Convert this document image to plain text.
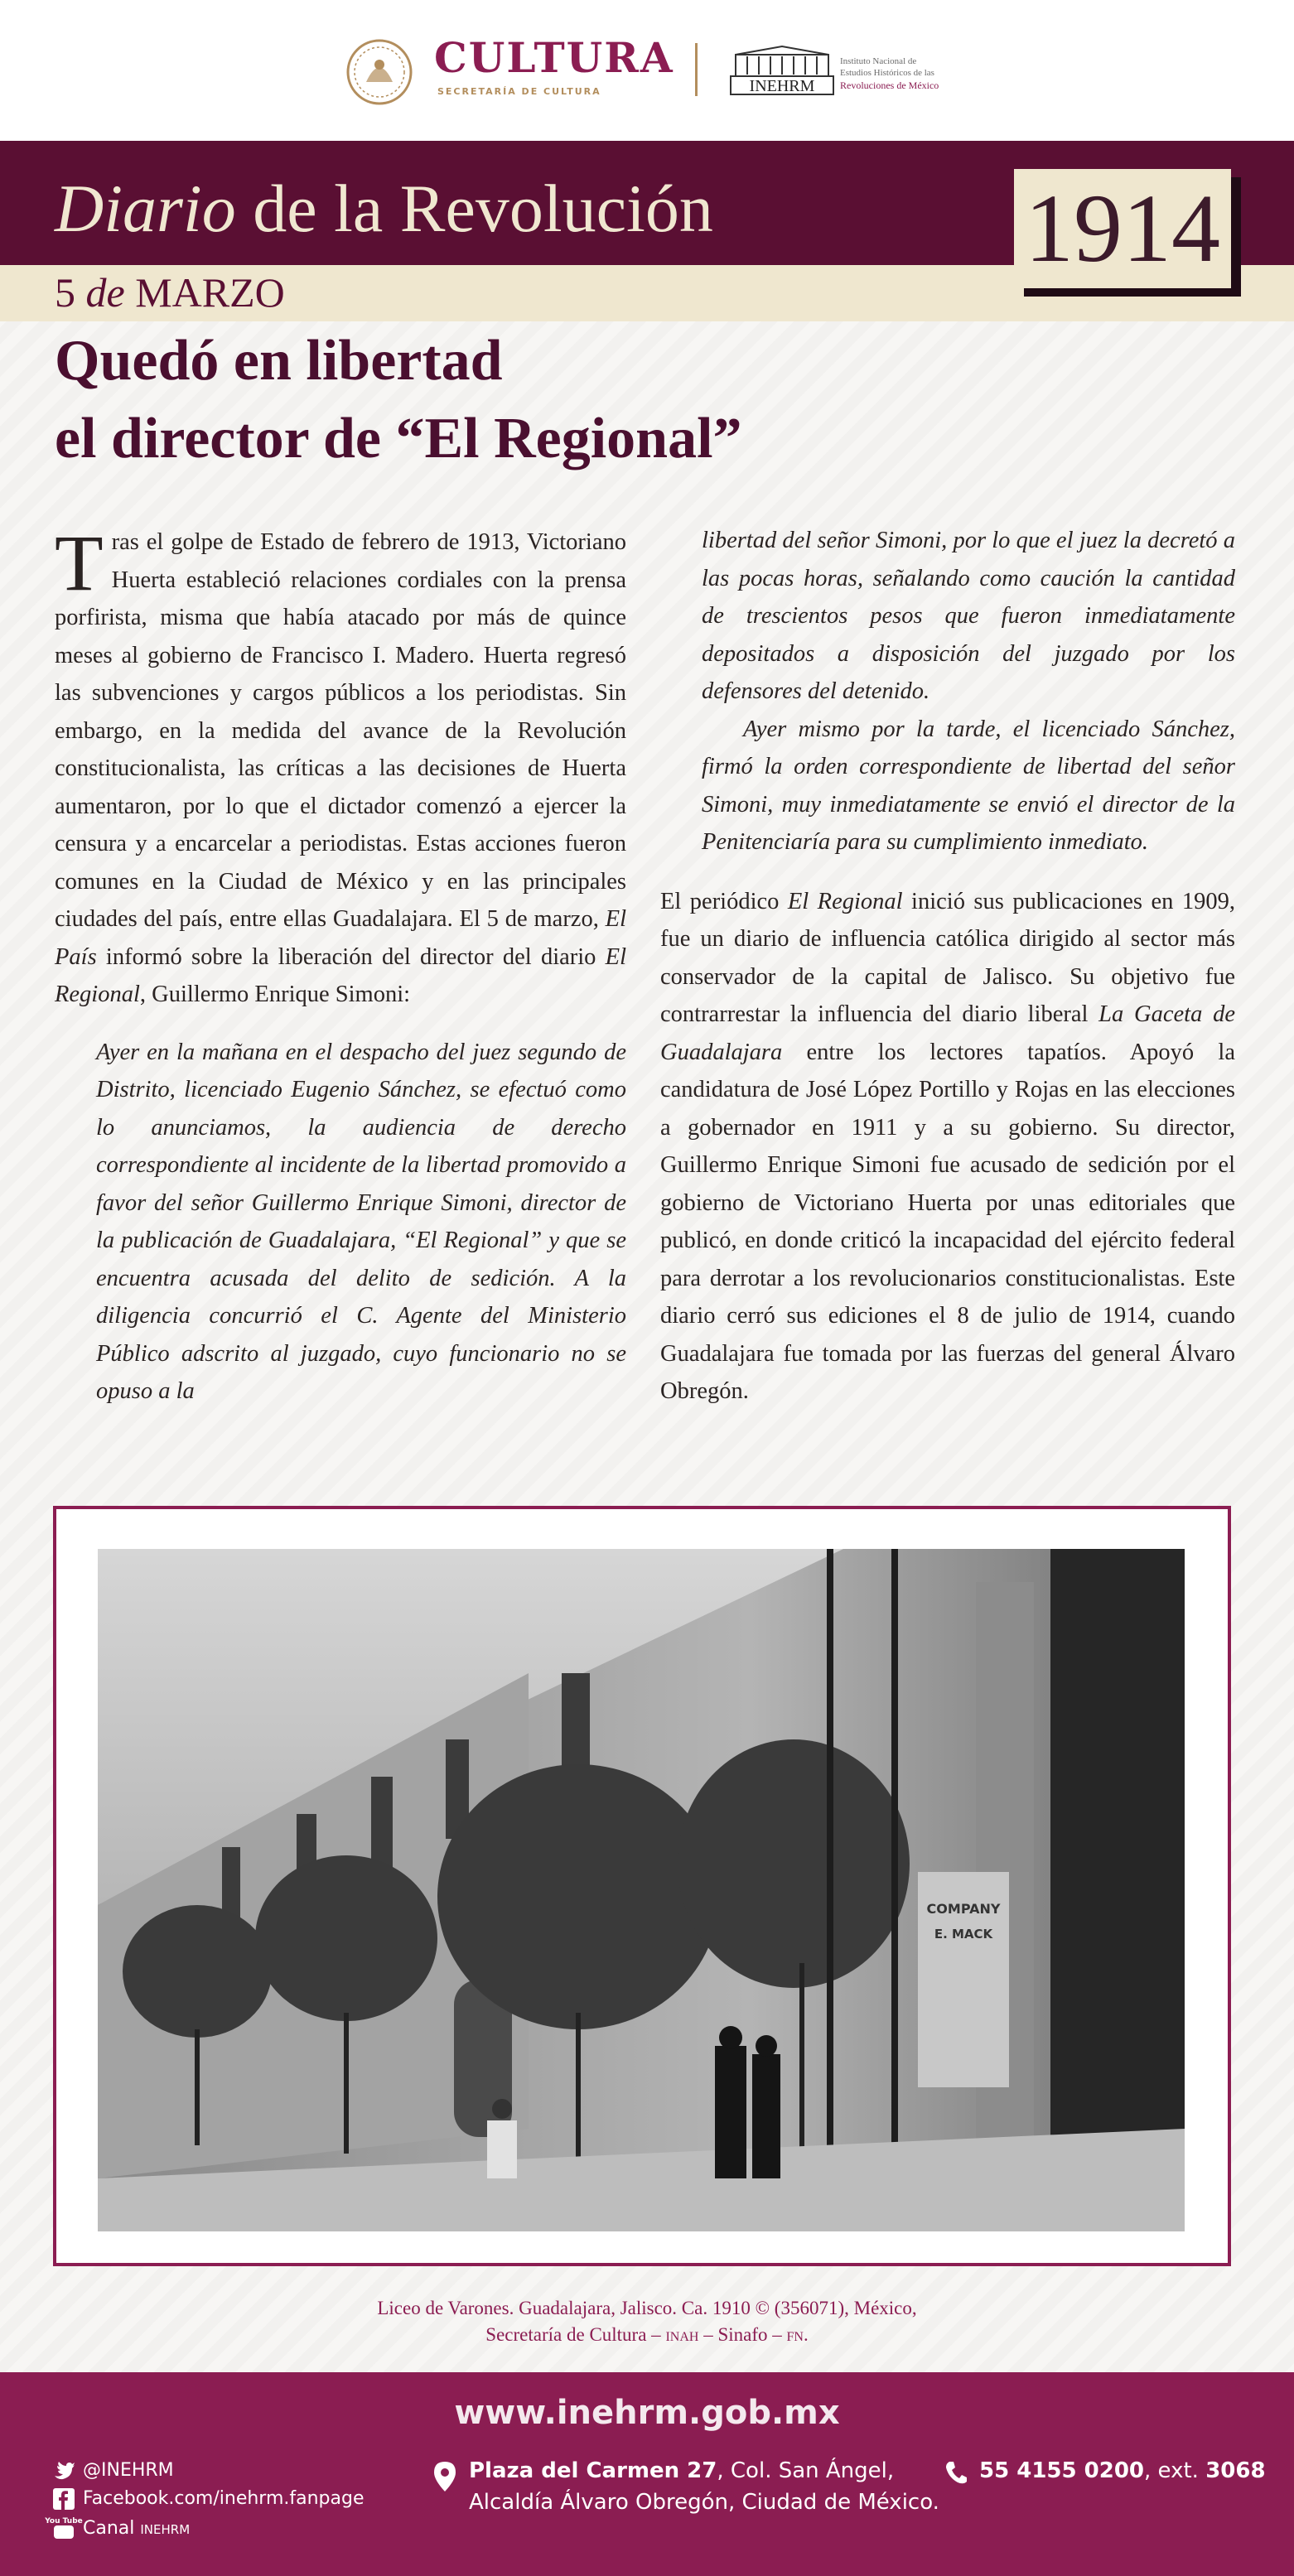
CULTURA
SECRETARÍA DE CULTURA	INEHRM
Instituto Nacional de
Estudios Históricos de las
Revoluciones de México
Diario de la Revolución
5 de MARZO
1914
Quedó en libertad
el director de “El Regional”

Tras el golpe de Estado de febrero de 1913, Victoriano Huerta estableció relaciones cordiales con la prensa porfirista, misma que había atacado por más de quince meses al gobierno de Francisco I. Madero. Huerta regresó las subvenciones y cargos públicos a los periodistas. Sin embargo, en la medida del avance de la Revolución constitucionalista, las críticas a las decisiones de Huerta aumentaron, por lo que el dictador comenzó a ejercer la censura y a encarcelar a periodistas. Estas acciones fueron comunes en la Ciudad de México y en las principales ciudades del país, entre ellas Guadalajara. El 5 de marzo, El País informó sobre la liberación del director del diario El Regional, Guillermo Enrique Simoni:

Ayer en la mañana en el despacho del juez segundo de Distrito, licenciado Eugenio Sánchez, se efectuó como lo anunciamos, la audiencia de derecho correspondiente al incidente de la libertad promovido a favor del señor Guillermo Enrique Simoni, director de la publicación de Guadalajara, “El Regional” y que se encuentra acusada del delito de sedición. A la diligencia concurrió el C. Agente del Ministerio Público adscrito al juzgado, cuyo funcionario no se opuso a la

libertad del señor Simoni, por lo que el juez la decretó a las pocas horas, señalando como caución la cantidad de trescientos pesos que fueron inmediatamente depositados a disposición del juzgado por los defensores del detenido.

Ayer mismo por la tarde, el licenciado Sánchez, firmó la orden correspondiente de libertad del señor Simoni, muy inmediatamente se envió el director de la Penitenciaría para su cumplimiento inmediato.

El periódico El Regional inició sus publicaciones en 1909, fue un diario de influencia católica dirigido al sector más conservador de la capital de Jalisco. Su objetivo fue contrarrestar la influencia del diario liberal La Gaceta de Guadalajara entre los lectores tapatíos. Apoyó la candidatura de José López Portillo y Rojas en las elecciones a gobernador en 1911 y a su gobierno. Su director, Guillermo Enrique Simoni fue acusado de sedición por el gobierno de Victoriano Huerta por unas editoriales que publicó, en donde criticó la incapacidad del ejército federal para derrotar a los revolucionarios constitucionalistas. Este diario cerró sus ediciones el 8 de julio de 1914, cuando Guadalajara fue tomada por las fuerzas del general Álvaro Obregón.

COMPANY
E. MACK
Liceo de Varones. Guadalajara, Jalisco. Ca. 1910 © (356071), México,
Secretaría de Cultura – inah – Sinafo – fn.
www.inehrm.gob.mx
@INEHRM
Facebook.com/inehrm.fanpage
You Tube Canal inehrm
Plaza del Carmen 27, Col. San Ángel,
Alcaldía Álvaro Obregón, Ciudad de México.
55 4155 0200, ext. 3068
